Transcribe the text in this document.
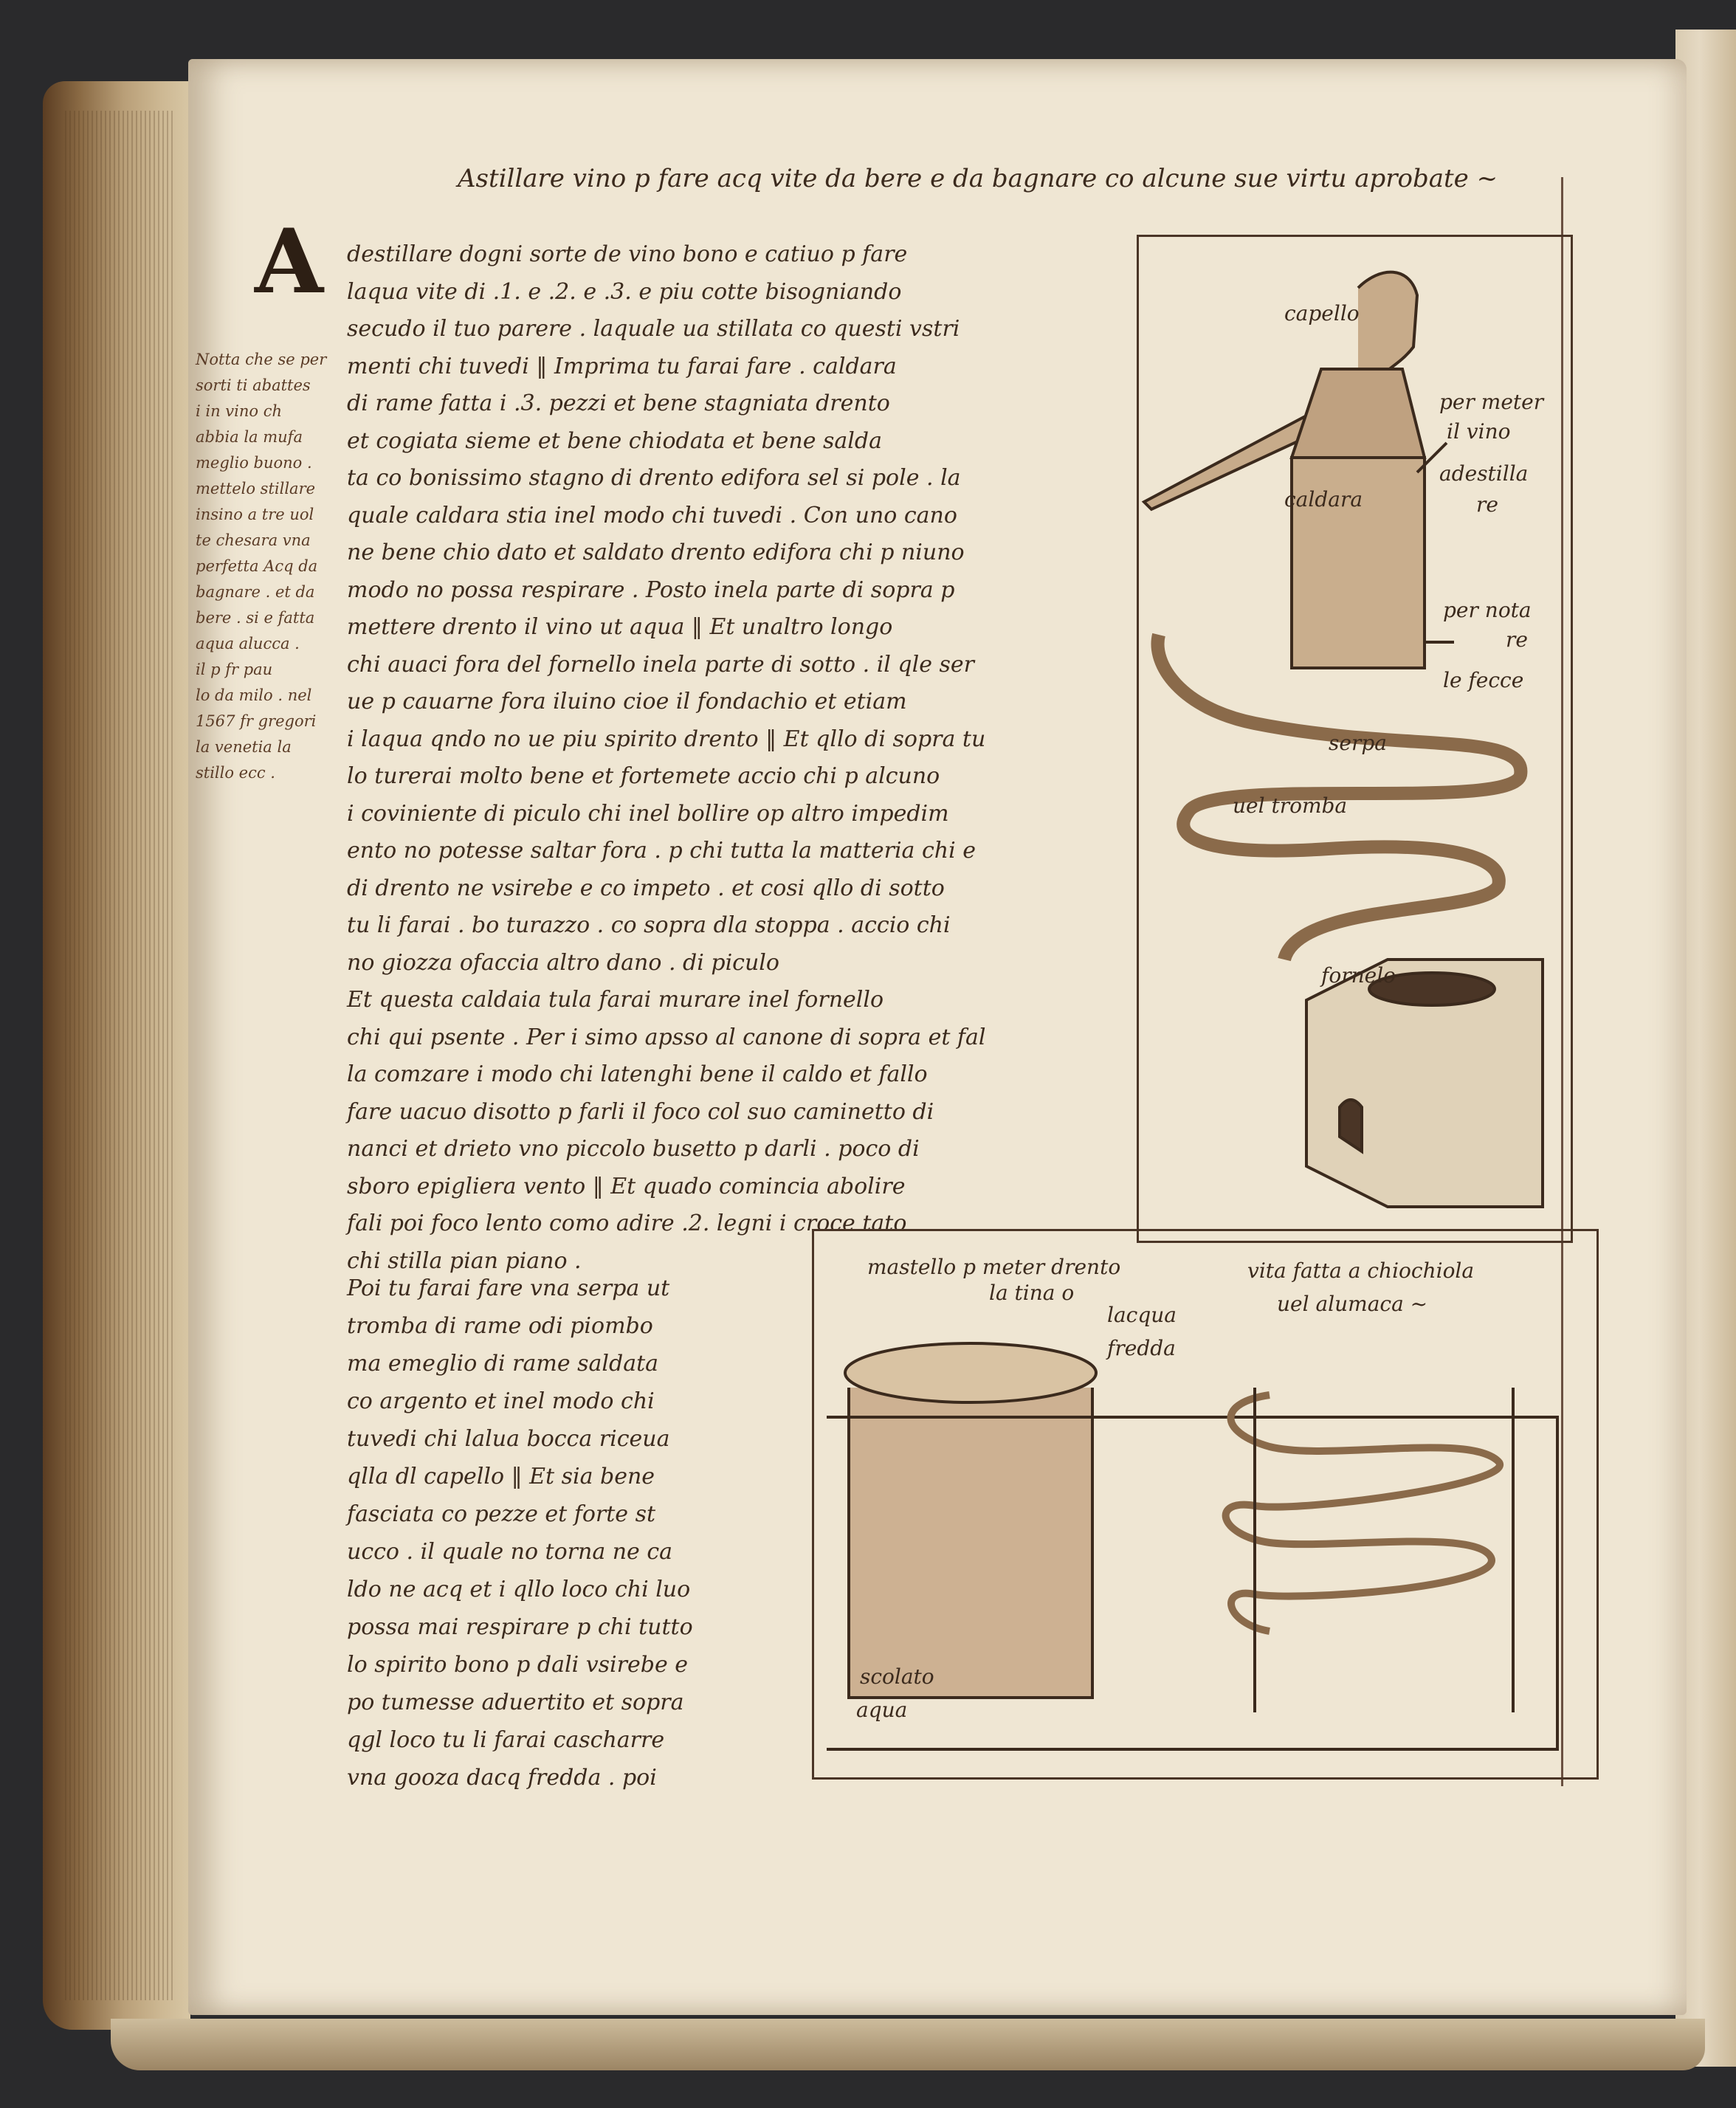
Astillare vino p fare acq vite da bere e da bagnare co alcune sue virtu aprobate ~
A	destillare dogni sorte de vino bono e catiuo p fare
laqua vite di .1. e .2. e .3. e piu cotte bisogniando
secudo il tuo parere . laquale ua stillata co questi vstri
menti chi tuvedi ‖ Imprima tu farai fare . caldara
di rame fatta i .3. pezzi et bene stagniata drento
et cogiata sieme et bene chiodata et bene salda
ta co bonissimo stagno di drento edifora sel si pole . la
quale caldara stia inel modo chi tuvedi . Con uno cano
ne bene chio dato et saldato drento edifora chi p niuno
modo no possa respirare . Posto inela parte di sopra p
mettere drento il vino ut aqua ‖ Et unaltro longo
chi auaci fora del fornello inela parte di sotto . il qle ser
ue p cauarne fora iluino cioe il fondachio et etiam
i laqua qndo no ue piu spirito drento ‖ Et qllo di sopra tu
lo turerai molto bene et fortemete accio chi p alcuno
i coviniente di piculo chi inel bollire op altro impedim
ento no potesse saltar fora . p chi tutta la matteria chi e
di drento ne vsirebe e co impeto . et cosi qllo di sotto
tu li farai . bo turazzo . co sopra dla stoppa . accio chi
no giozza ofaccia altro dano . di piculo
Et questa caldaia tula farai murare inel fornello
chi qui psente . Per i simo apsso al canone di sopra et fal
la comzare i modo chi latenghi bene il caldo et fallo
fare uacuo disotto p farli il foco col suo caminetto di
nanci et drieto vno piccolo busetto p darli . poco di
sboro epigliera vento ‖ Et quado comincia abolire
fali poi foco lento como adire .2. legni i croce tato
chi stilla pian piano .
Poi tu farai fare vna serpa ut
tromba di rame odi piombo
ma emeglio di rame saldata
co argento et inel modo chi
tuvedi chi lalua bocca riceua
qlla dl capello ‖ Et sia bene
fasciata co pezze et forte st
ucco . il quale no torna ne ca
ldo ne acq et i qllo loco chi luo
possa mai respirare p chi tutto
lo spirito bono p dali vsirebe e
po tumesse aduertito et sopra
qgl loco tu li farai cascharre
vna gooza dacq fredda . poi
Notta che se per
sorti ti abattes
i in vino ch
abbia la mufa
meglio buono .
mettelo stillare
insino a tre uol
te chesara vna
perfetta Acq da
bagnare . et da
bere . si e fatta
aqua alucca .
il p fr pau
lo da milo . nel
1567 fr gregori
la venetia la
stillo ecc .
capello
per meter
il vino
adestilla
re
caldara
per nota
re
le fecce
serpa
uel tromba
fornelo
mastello p meter drento
la tina o
lacqua
fredda
vita fatta a chiochiola
uel alumaca ~
scolato
aqua
